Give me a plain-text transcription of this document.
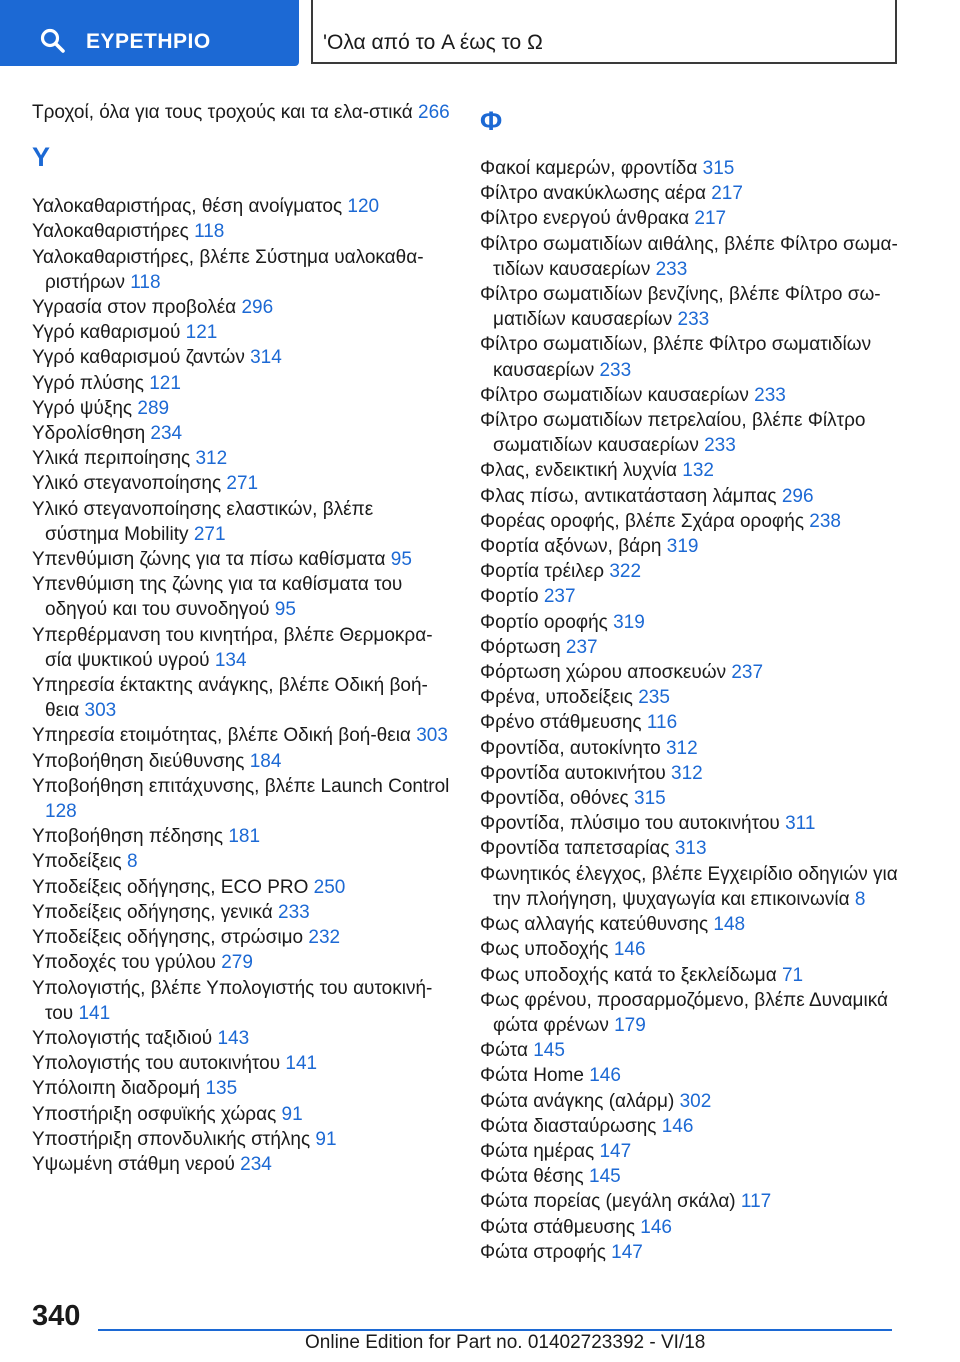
ΕΥΡΕΤΗΡΙΟ	'Ολα από το A έως το Ω

Τροχοί, όλα για τους τροχούς και τα ελα-στικά 266

Υ

Υαλοκαθαριστήρας, θέση ανοίγματος 120

Υαλοκαθαριστήρες 118

Υαλοκαθαριστήρες, βλέπε Σύστημα υαλοκαθα-ριστήρων 118

Υγρασία στον προβολέα 296

Υγρό καθαρισμού 121

Υγρό καθαρισμού ζαντών 314

Υγρό πλύσης 121

Υγρό ψύξης 289

Υδρολίσθηση 234

Υλικά περιποίησης 312

Υλικό στεγανοποίησης 271

Υλικό στεγανοποίησης ελαστικών, βλέπε σύστημα Mobility 271

Υπενθύμιση ζώνης για τα πίσω καθίσματα 95

Υπενθύμιση της ζώνης για τα καθίσματα του οδηγού και του συνοδηγού 95

Υπερθέρμανση του κινητήρα, βλέπε Θερμοκρα-σία ψυκτικού υγρού 134

Υπηρεσία έκτακτης ανάγκης, βλέπε Οδική βοή-θεια 303

Υπηρεσία ετοιμότητας, βλέπε Οδική βοή-θεια 303

Υποβοήθηση διεύθυνσης 184

Υποβοήθηση επιτάχυνσης, βλέπε Launch Control 128

Υποβοήθηση πέδησης 181

Υποδείξεις 8

Υποδείξεις οδήγησης, ECO PRO 250

Υποδείξεις οδήγησης, γενικά 233

Υποδείξεις οδήγησης, στρώσιμο 232

Υποδοχές του γρύλου 279

Υπολογιστής, βλέπε Υπολογιστής του αυτοκινή-του 141

Υπολογιστής ταξιδιού 143

Υπολογιστής του αυτοκινήτου 141

Υπόλοιπη διαδρομή 135

Υποστήριξη οσφυϊκής χώρας 91

Υποστήριξη σπονδυλικής στήλης 91

Υψωμένη στάθμη νερού 234

Φ

Φακοί καμερών, φροντίδα 315

Φίλτρο ανακύκλωσης αέρα 217

Φίλτρο ενεργού άνθρακα 217

Φίλτρο σωματιδίων αιθάλης, βλέπε Φίλτρο σωμα-τιδίων καυσαερίων 233

Φίλτρο σωματιδίων βενζίνης, βλέπε Φίλτρο σω-ματιδίων καυσαερίων 233

Φίλτρο σωματιδίων, βλέπε Φίλτρο σωματιδίων καυσαερίων 233

Φίλτρο σωματιδίων καυσαερίων 233

Φίλτρο σωματιδίων πετρελαίου, βλέπε Φίλτρο σωματιδίων καυσαερίων 233

Φλας, ενδεικτική λυχνία 132

Φλας πίσω, αντικατάσταση λάμπας 296

Φορέας οροφής, βλέπε Σχάρα οροφής 238

Φορτία αξόνων, βάρη 319

Φορτία τρέιλερ 322

Φορτίο 237

Φορτίο οροφής 319

Φόρτωση 237

Φόρτωση χώρου αποσκευών 237

Φρένα, υποδείξεις 235

Φρένο στάθμευσης 116

Φροντίδα, αυτοκίνητο 312

Φροντίδα αυτοκινήτου 312

Φροντίδα, οθόνες 315

Φροντίδα, πλύσιμο του αυτοκινήτου 311

Φροντίδα ταπετσαρίας 313

Φωνητικός έλεγχος, βλέπε Εγχειρίδιο οδηγιών για την πλοήγηση, ψυχαγωγία και επικοινωνία 8

Φως αλλαγής κατεύθυνσης 148

Φως υποδοχής 146

Φως υποδοχής κατά το ξεκλείδωμα 71

Φως φρένου, προσαρμοζόμενο, βλέπε Δυναμικά φώτα φρένων 179

Φώτα 145

Φώτα Home 146

Φώτα ανάγκης (αλάρμ) 302

Φώτα διασταύρωσης 146

Φώτα ημέρας 147

Φώτα θέσης 145

Φώτα πορείας (μεγάλη σκάλα) 117

Φώτα στάθμευσης 146

Φώτα στροφής 147

340
Online Edition for Part no. 01402723392 - VI/18
